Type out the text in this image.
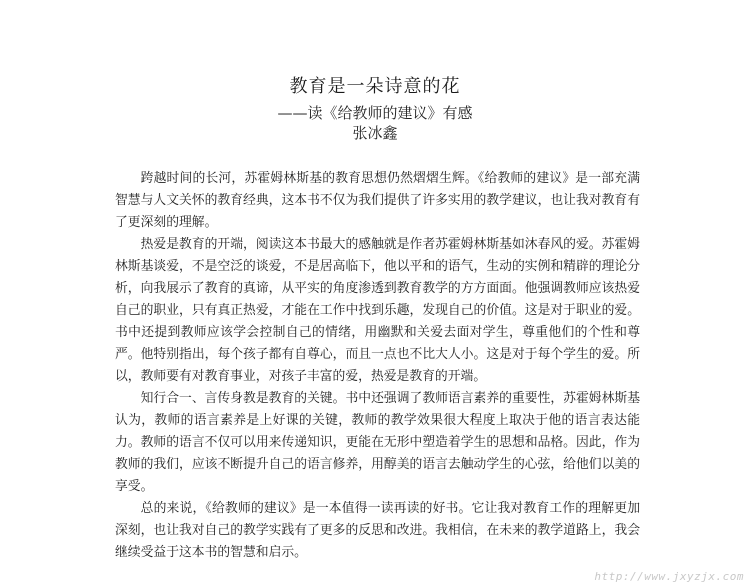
教育是一朵诗意的花
——读《给教师的建议》有感
张冰鑫

跨越时间的长河，苏霍姆林斯基的教育思想仍然熠熠生辉。《给教师的建议》是一部充满智慧与人文关怀的教育经典，这本书不仅为我们提供了许多实用的教学建议，也让我对教育有了更深刻的理解。

热爱是教育的开端，阅读这本书最大的感触就是作者苏霍姆林斯基如沐春风的爱。苏霍姆林斯基谈爱，不是空泛的谈爱，不是居高临下，他以平和的语气，生动的实例和精辟的理论分析，向我展示了教育的真谛，从平实的角度渗透到教育教学的方方面面。他强调教师应该热爱自己的职业，只有真正热爱，才能在工作中找到乐趣，发现自己的价值。这是对于职业的爱。书中还提到教师应该学会控制自己的情绪，用幽默和关爱去面对学生，尊重他们的个性和尊严。他特别指出，每个孩子都有自尊心，而且一点也不比大人小。这是对于每个学生的爱。所以，教师要有对教育事业，对孩子丰富的爱，热爱是教育的开端。

知行合一、言传身教是教育的关键。书中还强调了教师语言素养的重要性，苏霍姆林斯基认为，教师的语言素养是上好课的关键，教师的教学效果很大程度上取决于他的语言表达能力。教师的语言不仅可以用来传递知识，更能在无形中塑造着学生的思想和品格。因此，作为教师的我们，应该不断提升自己的语言修养，用醇美的语言去触动学生的心弦，给他们以美的享受。

总的来说，《给教师的建议》是一本值得一读再读的好书。它让我对教育工作的理解更加深刻，也让我对自己的教学实践有了更多的反思和改进。我相信，在未来的教学道路上，我会继续受益于这本书的智慧和启示。

http://www.jxyzjx.com
